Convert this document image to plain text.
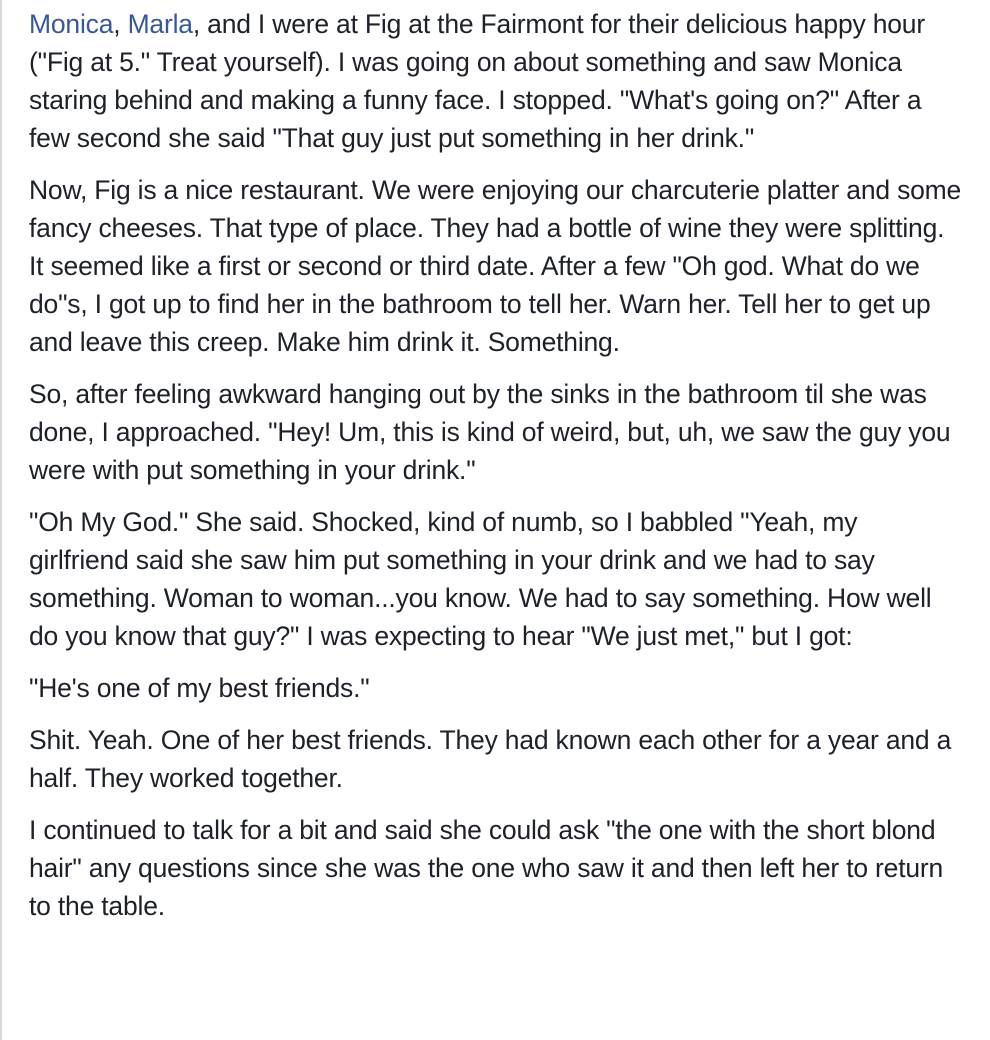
Monica, Marla, and I were at Fig at the Fairmont for their delicious happy hour ("Fig at 5." Treat yourself). I was going on about something and saw Monica staring behind and making a funny face. I stopped. "What's going on?" After a few second she said "That guy just put something in her drink."

Now, Fig is a nice restaurant. We were enjoying our charcuterie platter and some fancy cheeses. That type of place. They had a bottle of wine they were splitting. It seemed like a first or second or third date. After a few "Oh god. What do we do"s, I got up to find her in the bathroom to tell her. Warn her. Tell her to get up and leave this creep. Make him drink it. Something.

So, after feeling awkward hanging out by the sinks in the bathroom til she was done, I approached. "Hey! Um, this is kind of weird, but, uh, we saw the guy you were with put something in your drink."

"Oh My God." She said. Shocked, kind of numb, so I babbled "Yeah, my girlfriend said she saw him put something in your drink and we had to say something. Woman to woman...you know. We had to say something. How well do you know that guy?" I was expecting to hear "We just met," but I got:

"He's one of my best friends."

Shit. Yeah. One of her best friends. They had known each other for a year and a half. They worked together.

I continued to talk for a bit and said she could ask "the one with the short blond hair" any questions since she was the one who saw it and then left her to return to the table.
